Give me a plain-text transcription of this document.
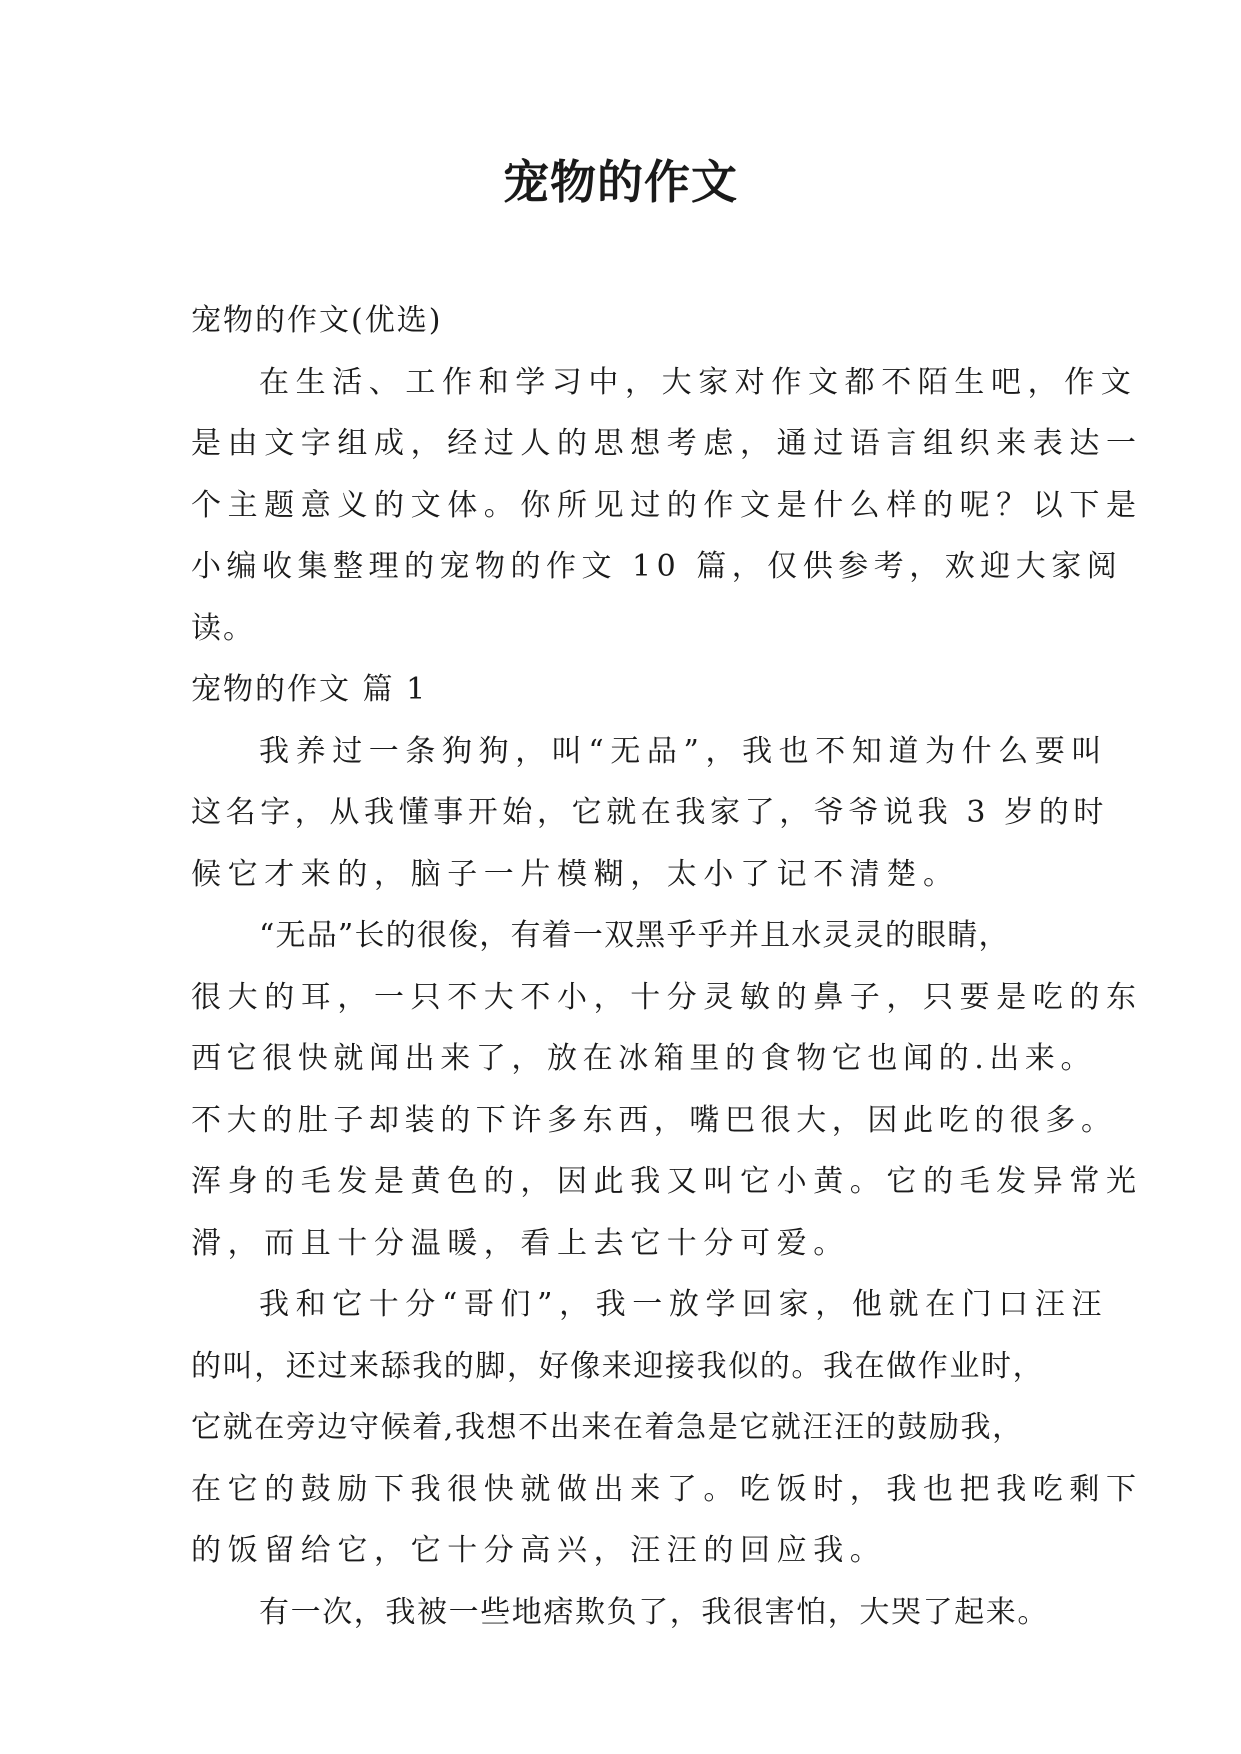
宠物的作文
宠物的作文(优选)
在生活、工作和学习中，大家对作文都不陌生吧，作文
是由文字组成，经过人的思想考虑，通过语言组织来表达一
个主题意义的文体。你所见过的作文是什么样的呢？以下是
小编收集整理的宠物的作文 10 篇，仅供参考，欢迎大家阅
读。
宠物的作文 篇 1
我养过一条狗狗，叫“无品”，我也不知道为什么要叫
这名字，从我懂事开始，它就在我家了，爷爷说我 3 岁的时
候它才来的，脑子一片模糊，太小了记不清楚。
“无品”长的很俊，有着一双黑乎乎并且水灵灵的眼睛，
很大的耳，一只不大不小，十分灵敏的鼻子，只要是吃的东
西它很快就闻出来了，放在冰箱里的食物它也闻的.出来。
不大的肚子却装的下许多东西，嘴巴很大，因此吃的很多。
浑身的毛发是黄色的，因此我又叫它小黄。它的毛发异常光
滑，而且十分温暖，看上去它十分可爱。
我和它十分“哥们”，我一放学回家，他就在门口汪汪
的叫，还过来舔我的脚，好像来迎接我似的。我在做作业时，
它就在旁边守候着,我想不出来在着急是它就汪汪的鼓励我，
在它的鼓励下我很快就做出来了。吃饭时，我也把我吃剩下
的饭留给它，它十分高兴，汪汪的回应我。
有一次，我被一些地痞欺负了，我很害怕，大哭了起来。
